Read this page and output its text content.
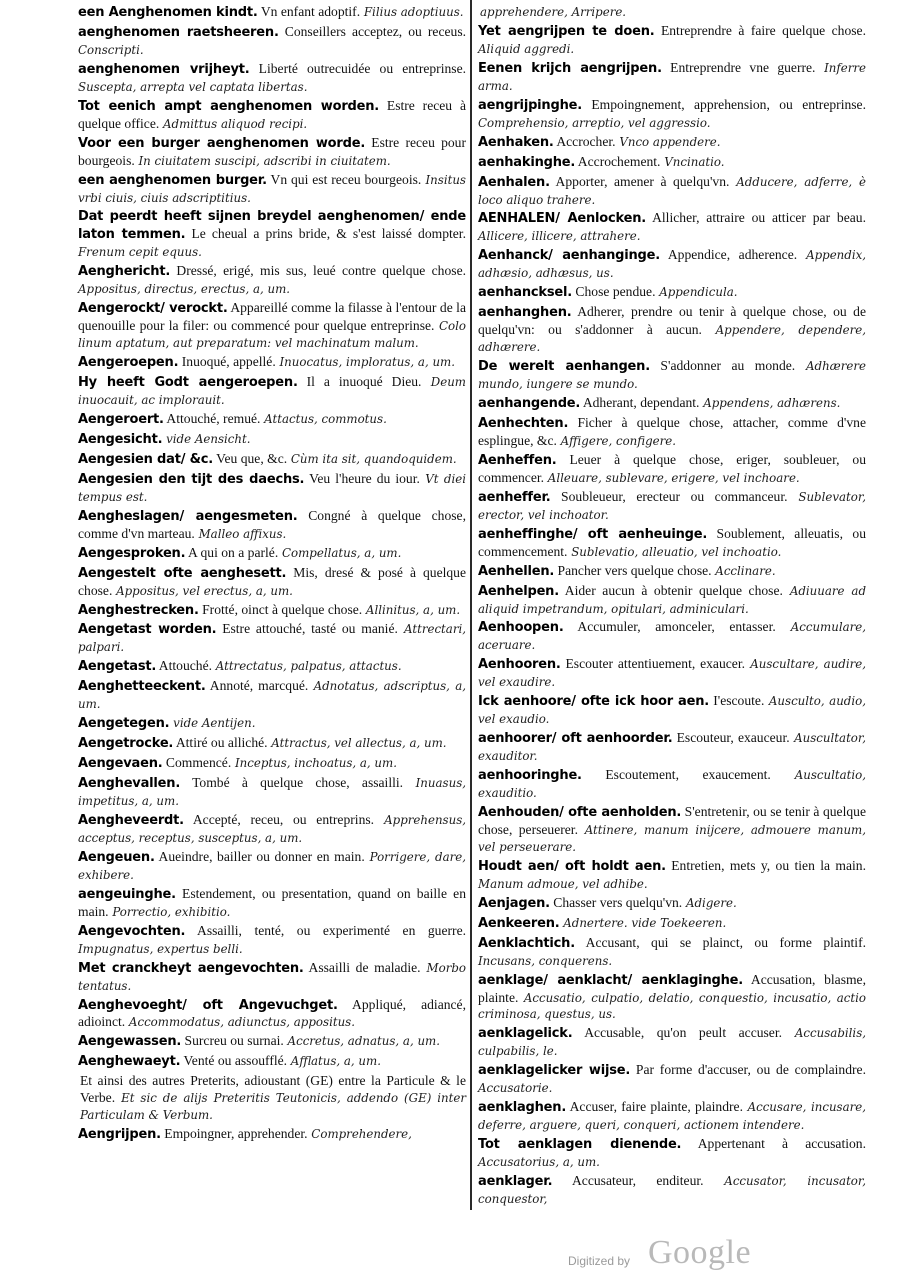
een Aenghenomen kindt. Vn enfant adoptif. Filius adoptiuus.

aenghenomen raetsheeren. Conseillers acceptez, ou receus. Conscripti.

aenghenomen vrijheyt. Liberté outrecuidée ou entreprinse. Suscepta, arrepta vel captata libertas.

Tot eenich ampt aenghenomen worden. Estre receu à quelque office. Admittus aliquod recipi.

Voor een burger aenghenomen worde. Estre receu pour bourgeois. In ciuitatem suscipi, adscribi in ciuitatem.

een aenghenomen burger. Vn qui est receu bourgeois. Insitus vrbi ciuis, ciuis adscriptitius.

Dat peerdt heeft sijnen breydel aenghenomen/ ende laton temmen. Le cheual a prins bride, & s'est laissé dompter. Frenum cepit equus.

Aenghericht. Dressé, erigé, mis sus, leué contre quelque chose. Appositus, directus, erectus, a, um.

Aengerockt/ verockt. Appareillé comme la filasse à l'entour de la quenouille pour la filer: ou commencé pour quelque entreprinse. Colo linum aptatum, aut preparatum: vel machinatum malum.

Aengeroepen. Inuoqué, appellé. Inuocatus, imploratus, a, um.

Hy heeft Godt aengeroepen. Il a inuoqué Dieu. Deum inuocauit, ac implorauit.

Aengeroert. Attouché, remué. Attactus, commotus.

Aengesicht. vide Aensicht.

Aengesien dat/ &c. Veu que, &c. Cùm ita sit, quandoquidem.

Aengesien den tijt des daechs. Veu l'heure du iour. Vt diei tempus est.

Aengheslagen/ aengesmeten. Congné à quelque chose, comme d'vn marteau. Malleo affixus.

Aengesproken. A qui on a parlé. Compellatus, a, um.

Aengestelt ofte aenghesett. Mis, dresé & posé à quelque chose. Appositus, vel erectus, a, um.

Aenghestrecken. Frotté, oinct à quelque chose. Allinitus, a, um.

Aengetast worden. Estre attouché, tasté ou manié. Attrectari, palpari.

Aengetast. Attouché. Attrectatus, palpatus, attactus.

Aenghetteeckent. Annoté, marcqué. Adnotatus, adscriptus, a, um.

Aengetegen. vide Aentijen.

Aengetrocke. Attiré ou alliché. Attractus, vel allectus, a, um.

Aengevaen. Commencé. Inceptus, inchoatus, a, um.

Aenghevallen. Tombé à quelque chose, assailli. Inuasus, impetitus, a, um.

Aengheveerdt. Accepté, receu, ou entreprins. Apprehensus, acceptus, receptus, susceptus, a, um.

Aengeuen. Aueindre, bailler ou donner en main. Porrigere, dare, exhibere.

aengeuinghe. Estendement, ou presentation, quand on baille en main. Porrectio, exhibitio.

Aengevochten. Assailli, tenté, ou experimenté en guerre. Impugnatus, expertus belli.

Met cranckheyt aengevochten. Assailli de maladie. Morbo tentatus.

Aenghevoeght/ oft Angevuchget. Appliqué, adiancé, adioinct. Accommodatus, adiunctus, appositus.

Aengewassen. Surcreu ou surnai. Accretus, adnatus, a, um.

Aenghewaeyt. Venté ou assoufflé. Afflatus, a, um.

Et ainsi des autres Preterits, adioustant (GE) entre la Particule & le Verbe. Et sic de alijs Preteritis Teutonicis, addendo (GE) inter Particulam & Verbum.

Aengrijpen. Empoingner, apprehender. Comprehendere,

apprehendere, Arripere.

Yet aengrijpen te doen. Entreprendre à faire quelque chose. Aliquid aggredi.

Eenen krijch aengrijpen. Entreprendre vne guerre. Inferre arma.

aengrijpinghe. Empoingnement, apprehension, ou entreprinse. Comprehensio, arreptio, vel aggressio.

Aenhaken. Accrocher. Vnco appendere.

aenhakinghe. Accrochement. Vncinatio.

Aenhalen. Apporter, amener à quelqu'vn. Adducere, adferre, è loco aliquo trahere.

AENHALEN/ Aenlocken. Allicher, attraire ou atticer par beau. Allicere, illicere, attrahere.

Aenhanck/ aenhanginge. Appendice, adherence. Appendix, adhæsio, adhæsus, us.

aenhancksel. Chose pendue. Appendicula.

aenhanghen. Adherer, prendre ou tenir à quelque chose, ou de quelqu'vn: ou s'addonner à aucun. Appendere, dependere, adhærere.

De werelt aenhangen. S'addonner au monde. Adhærere mundo, iungere se mundo.

aenhangende. Adherant, dependant. Appendens, adhærens.

Aenhechten. Ficher à quelque chose, attacher, comme d'vne esplingue, &c. Affigere, configere.

Aenheffen. Leuer à quelque chose, eriger, soubleuer, ou commencer. Alleuare, sublevare, erigere, vel inchoare.

aenheffer. Soubleueur, erecteur ou commanceur. Sublevator, erector, vel inchoator.

aenheffinghe/ oft aenheuinge. Soublement, alleuatis, ou commencement. Sublevatio, alleuatio, vel inchoatio.

Aenhellen. Pancher vers quelque chose. Acclinare.

Aenhelpen. Aider aucun à obtenir quelque chose. Adiuuare ad aliquid impetrandum, opitulari, adminiculari.

Aenhoopen. Accumuler, amonceler, entasser. Accumulare, aceruare.

Aenhooren. Escouter attentiuement, exaucer. Auscultare, audire, vel exaudire.

Ick aenhoore/ ofte ick hoor aen. I'escoute. Ausculto, audio, vel exaudio.

aenhoorer/ oft aenhoorder. Escouteur, exauceur. Auscultator, exauditor.

aenhooringhe. Escoutement, exaucement. Auscultatio, exauditio.

Aenhouden/ ofte aenholden. S'entretenir, ou se tenir à quelque chose, perseuerer. Attinere, manum inijcere, admouere manum, vel perseuerare.

Houdt aen/ oft holdt aen. Entretien, mets y, ou tien la main. Manum admoue, vel adhibe.

Aenjagen. Chasser vers quelqu'vn. Adigere.

Aenkeeren. Adnertere. vide Toekeeren.

Aenklachtich. Accusant, qui se plainct, ou forme plaintif. Incusans, conquerens.

aenklage/ aenklacht/ aenklaginghe. Accusation, blasme, plainte. Accusatio, culpatio, delatio, conquestio, incusatio, actio criminosa, questus, us.

aenklagelick. Accusable, qu'on peult accuser. Accusabilis, culpabilis, le.

aenklagelicker wijse. Par forme d'accuser, ou de complaindre. Accusatorie.

aenklaghen. Accuser, faire plainte, plaindre. Accusare, incusare, deferre, arguere, queri, conqueri, actionem intendere.

Tot aenklagen dienende. Appertenant à accusation. Accusatorius, a, um.

aenklager. Accusateur, enditeur. Accusator, incusator, conquestor,

Digitized by Google
